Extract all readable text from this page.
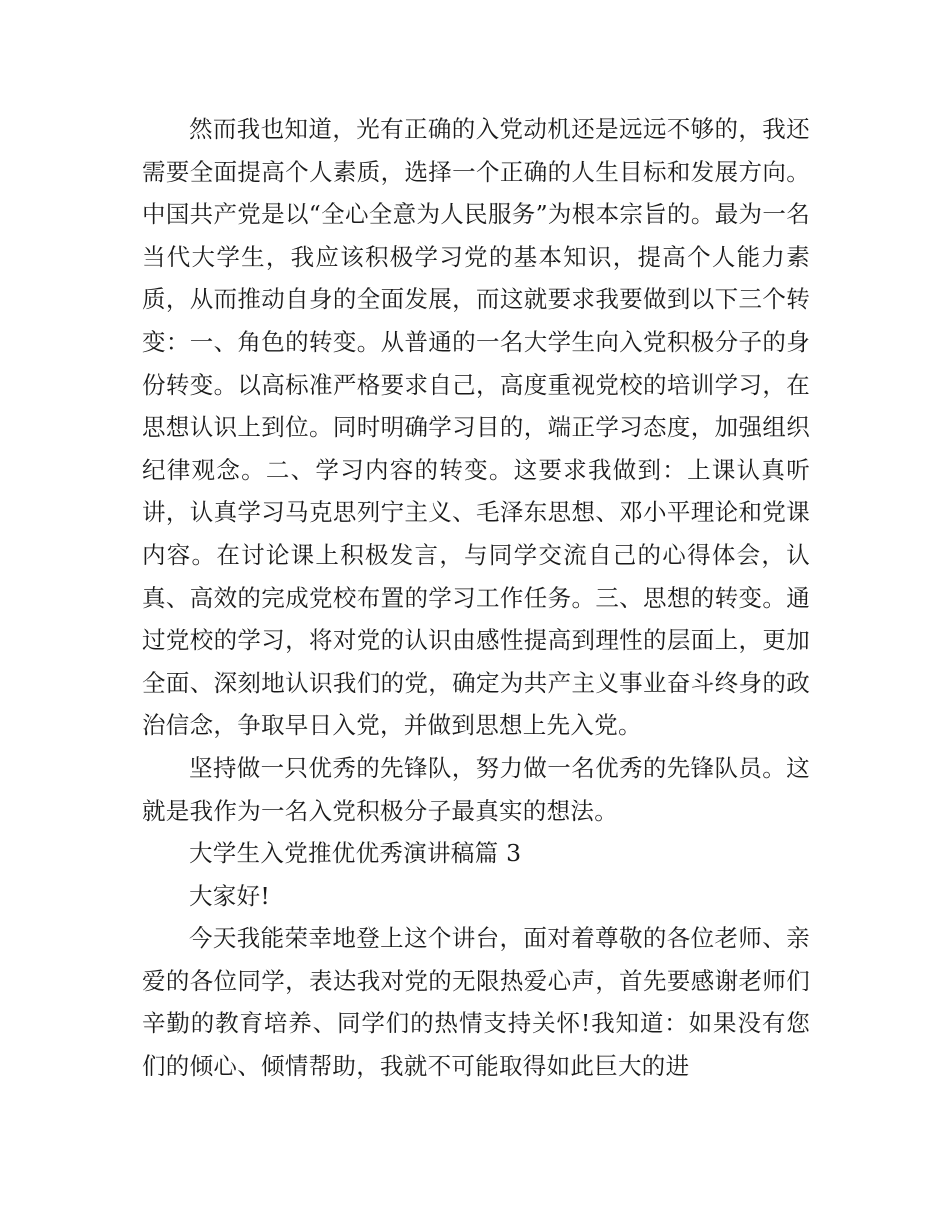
然而我也知道，光有正确的入党动机还是远远不够的，我还需要全面提高个人素质，选择一个正确的人生目标和发展方向。中国共产党是以“全心全意为人民服务”为根本宗旨的。最为一名当代大学生，我应该积极学习党的基本知识，提高个人能力素质，从而推动自身的全面发展，而这就要求我要做到以下三个转变：一、角色的转变。从普通的一名大学生向入党积极分子的身份转变。以高标准严格要求自己，高度重视党校的培训学习，在思想认识上到位。同时明确学习目的，端正学习态度，加强组织纪律观念。二、学习内容的转变。这要求我做到：上课认真听讲，认真学习马克思列宁主义、毛泽东思想、邓小平理论和党课内容。在讨论课上积极发言，与同学交流自己的心得体会，认真、高效的完成党校布置的学习工作任务。三、思想的转变。通过党校的学习，将对党的认识由感性提高到理性的层面上，更加全面、深刻地认识我们的党，确定为共产主义事业奋斗终身的政治信念，争取早日入党，并做到思想上先入党。

坚持做一只优秀的先锋队，努力做一名优秀的先锋队员。这就是我作为一名入党积极分子最真实的想法。

大学生入党推优优秀演讲稿篇 3

大家好!

今天我能荣幸地登上这个讲台，面对着尊敬的各位老师、亲爱的各位同学，表达我对党的无限热爱心声，首先要感谢老师们辛勤的教育培养、同学们的热情支持关怀!我知道：如果没有您们的倾心、倾情帮助，我就不可能取得如此巨大的进
